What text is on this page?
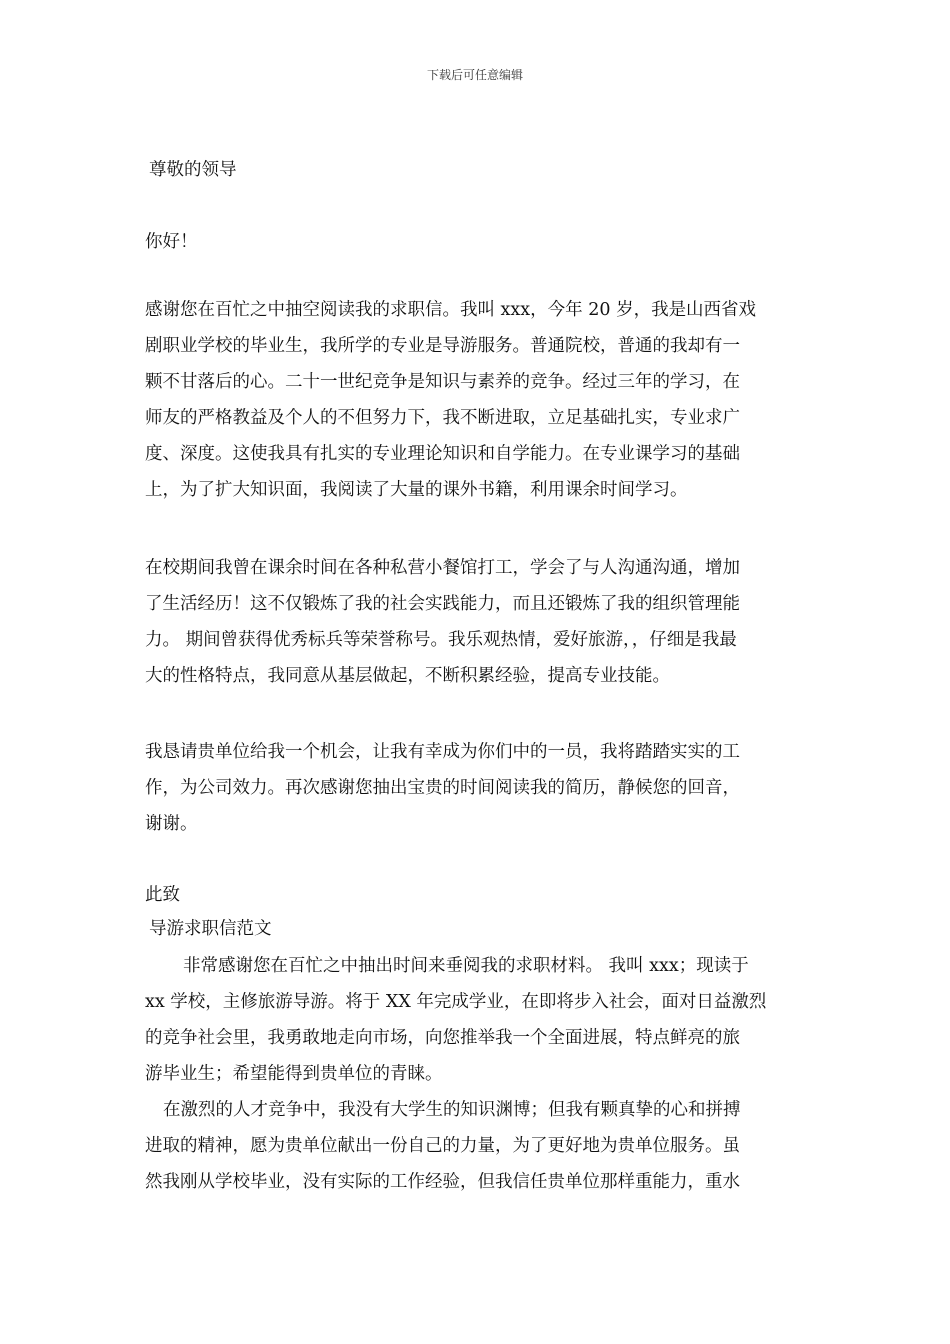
下载后可任意编辑
尊敬的领导
你好！
感谢您在百忙之中抽空阅读我的求职信。我叫 xxx，今年 20 岁，我是山西省戏
剧职业学校的毕业生，我所学的专业是导游服务。普通院校，普通的我却有一
颗不甘落后的心。二十一世纪竞争是知识与素养的竞争。经过三年的学习，在
师友的严格教益及个人的不但努力下，我不断进取，立足基础扎实，专业求广
度、深度。这使我具有扎实的专业理论知识和自学能力。在专业课学习的基础
上，为了扩大知识面，我阅读了大量的课外书籍，利用课余时间学习。
在校期间我曾在课余时间在各种私营小餐馆打工，学会了与人沟通沟通，增加
了生活经历！这不仅锻炼了我的社会实践能力，而且还锻炼了我的组织管理能
力。 期间曾获得优秀标兵等荣誉称号。我乐观热情，爱好旅游，，仔细是我最
大的性格特点，我同意从基层做起，不断积累经验，提高专业技能。
我恳请贵单位给我一个机会，让我有幸成为你们中的一员，我将踏踏实实的工
作，为公司效力。再次感谢您抽出宝贵的时间阅读我的简历，静候您的回音，
谢谢。
此致
导游求职信范文
非常感谢您在百忙之中抽出时间来垂阅我的求职材料。 我叫 xxx；现读于
xx 学校，主修旅游导游。将于 XX 年完成学业，在即将步入社会，面对日益激烈
的竞争社会里，我勇敢地走向市场，向您推举我一个全面进展，特点鲜亮的旅
游毕业生；希望能得到贵单位的青睐。
在激烈的人才竞争中，我没有大学生的知识渊博；但我有颗真挚的心和拼搏
进取的精神，愿为贵单位献出一份自己的力量，为了更好地为贵单位服务。虽
然我刚从学校毕业，没有实际的工作经验，但我信任贵单位那样重能力，重水
